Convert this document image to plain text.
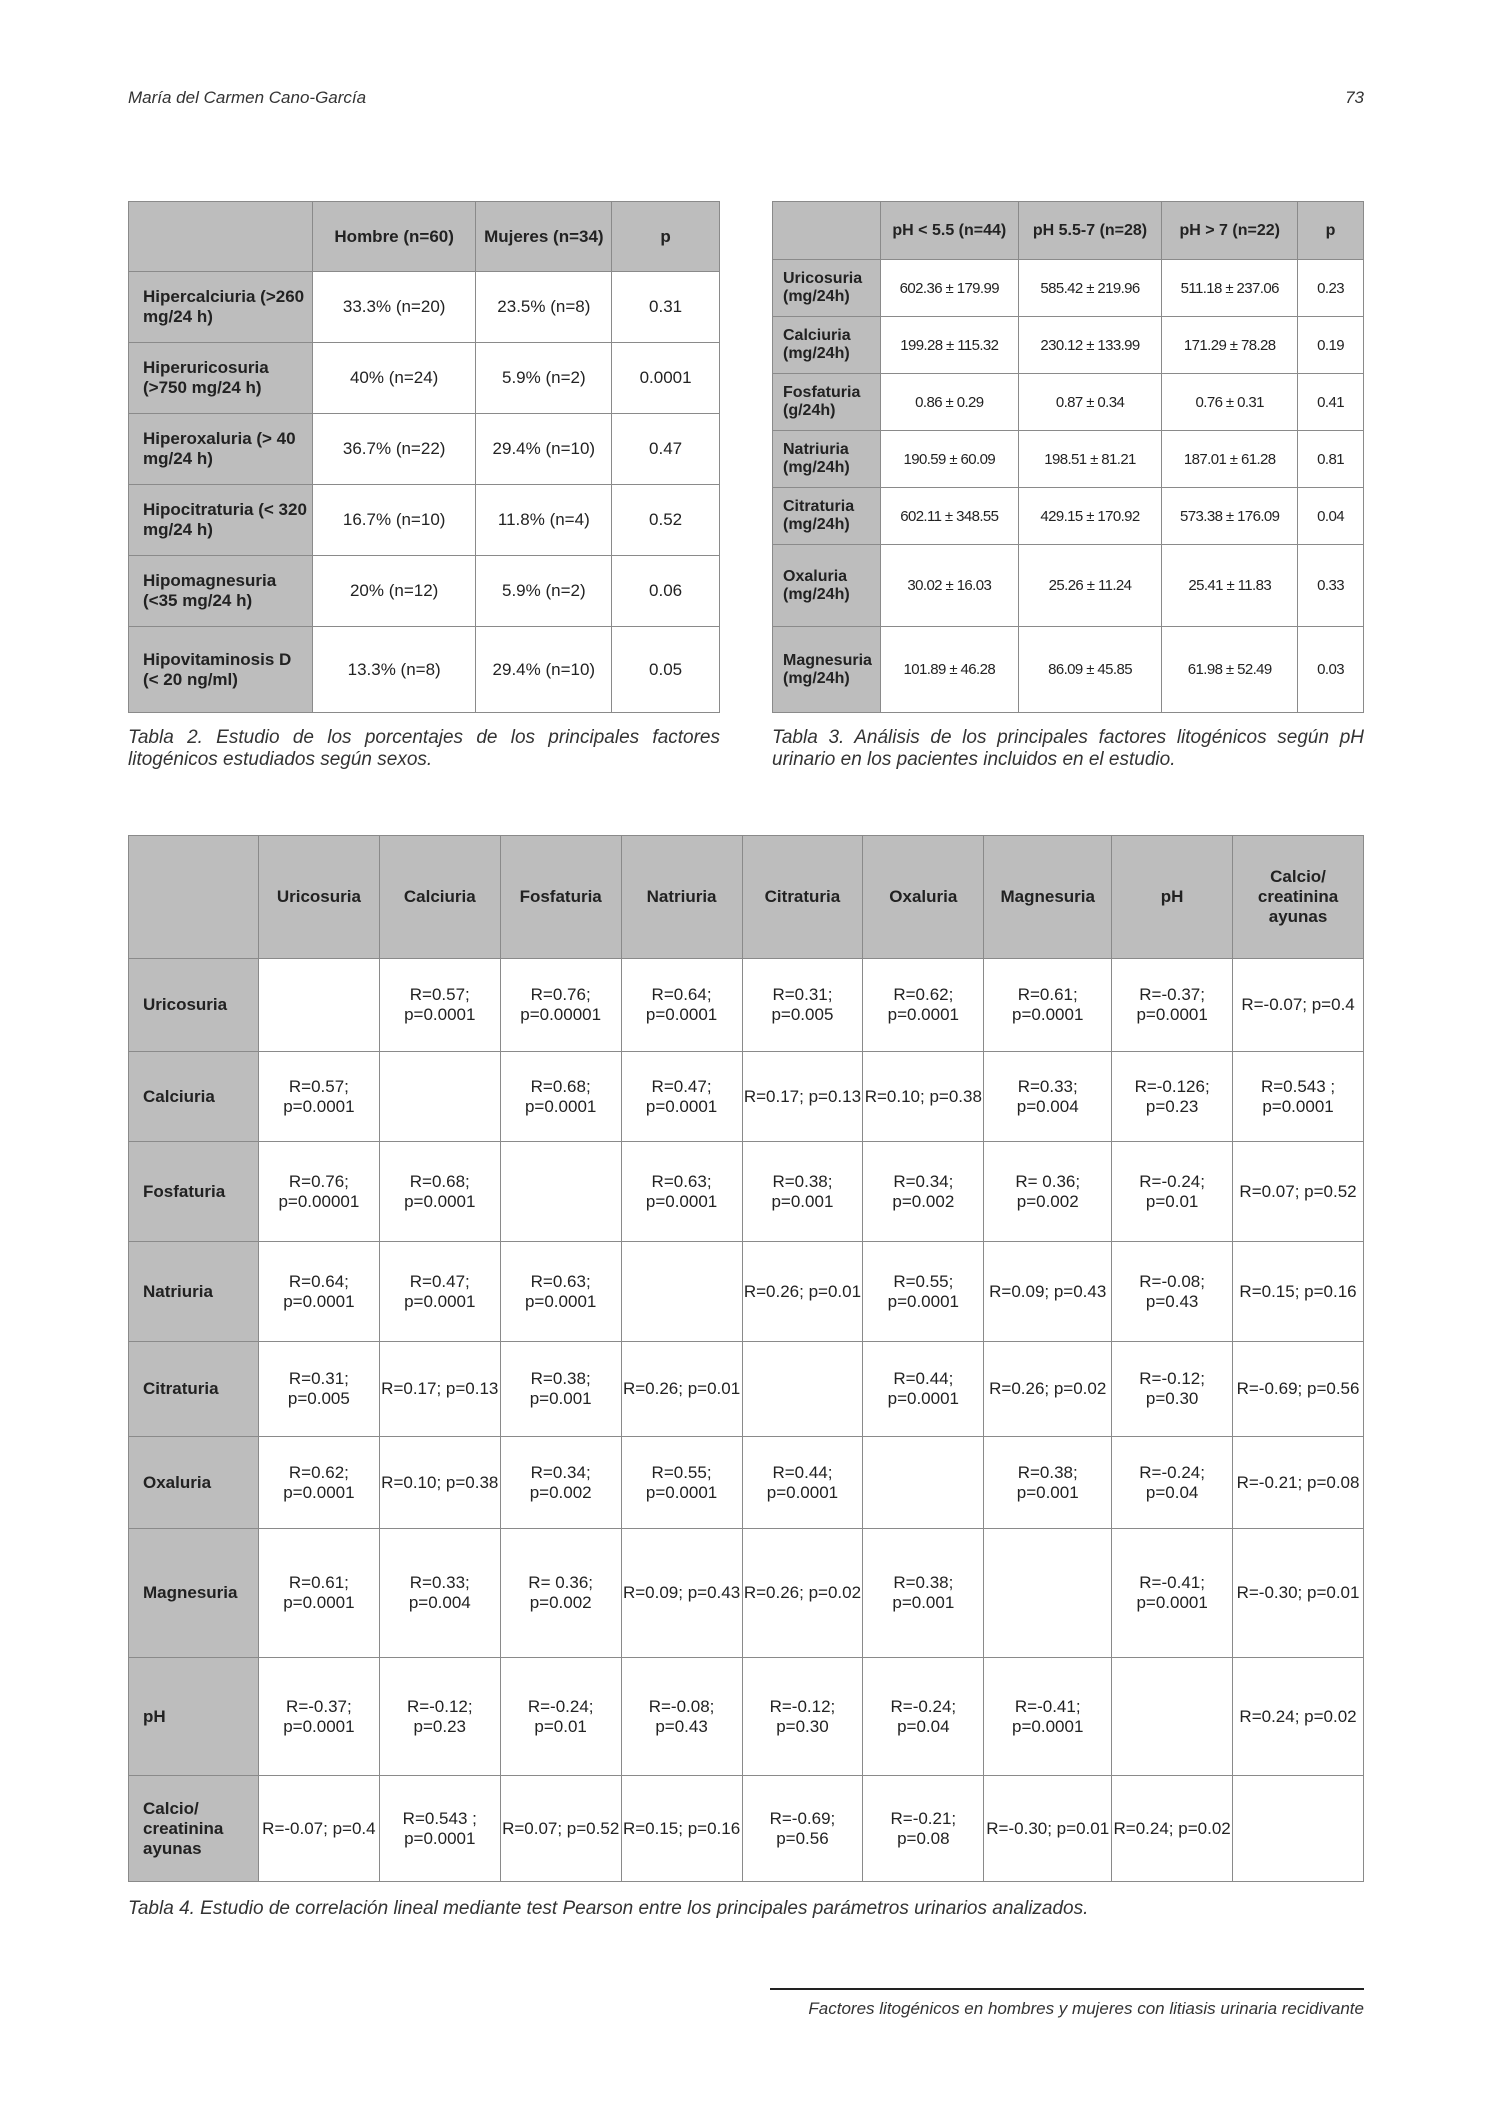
María del Carmen Cano-García	73
	Hombre (n=60)	Mujeres (n=34)	p
Hipercalciuria (>260 mg/24 h)	33.3% (n=20)	23.5% (n=8)	0.31
Hiperuricosuria (>750 mg/24 h)	40% (n=24)	5.9% (n=2)	0.0001
Hiperoxaluria (> 40 mg/24 h)	36.7% (n=22)	29.4% (n=10)	0.47
Hipocitraturia (< 320 mg/24 h)	16.7% (n=10)	11.8% (n=4)	0.52
Hipomagnesuria (<35 mg/24 h)	20% (n=12)	5.9% (n=2)	0.06
Hipovitaminosis D (< 20 ng/ml)	13.3% (n=8)	29.4% (n=10)	0.05
Tabla 2. Estudio de los porcentajes de los principales factores litogénicos estudiados según sexos.
	pH < 5.5 (n=44)	pH 5.5-7 (n=28)	pH > 7 (n=22)	p
Uricosuria (mg/24h)	602.36 ± 179.99	585.42 ± 219.96	511.18 ± 237.06	0.23
Calciuria (mg/24h)	199.28 ± 115.32	230.12 ± 133.99	171.29 ± 78.28	0.19
Fosfaturia (g/24h)	0.86 ± 0.29	0.87 ± 0.34	0.76 ± 0.31	0.41
Natriuria (mg/24h)	190.59 ± 60.09	198.51 ± 81.21	187.01 ± 61.28	0.81
Citraturia (mg/24h)	602.11 ± 348.55	429.15 ± 170.92	573.38 ± 176.09	0.04
Oxaluria (mg/24h)	30.02 ± 16.03	25.26 ± 11.24	25.41 ± 11.83	0.33
Magnesuria (mg/24h)	101.89 ± 46.28	86.09 ± 45.85	61.98 ± 52.49	0.03
Tabla 3. Análisis de los principales factores litogénicos según pH urinario en los pacientes incluidos en el estudio.
	Uricosuria	Calciuria	Fosfaturia	Natriuria	Citraturia	Oxaluria	Magnesuria	pH	Calcio/ creatinina ayunas
Uricosuria		R=0.57; p=0.0001	R=0.76; p=0.00001	R=0.64; p=0.0001	R=0.31; p=0.005	R=0.62; p=0.0001	R=0.61; p=0.0001	R=-0.37; p=0.0001	R=-0.07; p=0.4
Calciuria	R=0.57; p=0.0001		R=0.68; p=0.0001	R=0.47; p=0.0001	R=0.17; p=0.13	R=0.10; p=0.38	R=0.33; p=0.004	R=-0.126; p=0.23	R=0.543 ; p=0.0001
Fosfaturia	R=0.76; p=0.00001	R=0.68; p=0.0001		R=0.63; p=0.0001	R=0.38; p=0.001	R=0.34; p=0.002	R= 0.36; p=0.002	R=-0.24; p=0.01	R=0.07; p=0.52
Natriuria	R=0.64; p=0.0001	R=0.47; p=0.0001	R=0.63; p=0.0001		R=0.26; p=0.01	R=0.55; p=0.0001	R=0.09; p=0.43	R=-0.08; p=0.43	R=0.15; p=0.16
Citraturia	R=0.31; p=0.005	R=0.17; p=0.13	R=0.38; p=0.001	R=0.26; p=0.01		R=0.44; p=0.0001	R=0.26; p=0.02	R=-0.12; p=0.30	R=-0.69; p=0.56
Oxaluria	R=0.62; p=0.0001	R=0.10; p=0.38	R=0.34; p=0.002	R=0.55; p=0.0001	R=0.44; p=0.0001		R=0.38; p=0.001	R=-0.24; p=0.04	R=-0.21; p=0.08
Magnesuria	R=0.61; p=0.0001	R=0.33; p=0.004	R= 0.36; p=0.002	R=0.09; p=0.43	R=0.26; p=0.02	R=0.38; p=0.001		R=-0.41; p=0.0001	R=-0.30; p=0.01
pH	R=-0.37; p=0.0001	R=-0.12; p=0.23	R=-0.24; p=0.01	R=-0.08; p=0.43	R=-0.12; p=0.30	R=-0.24; p=0.04	R=-0.41; p=0.0001		R=0.24; p=0.02
Calcio/ creatinina ayunas	R=-0.07; p=0.4	R=0.543 ; p=0.0001	R=0.07; p=0.52	R=0.15; p=0.16	R=-0.69; p=0.56	R=-0.21; p=0.08	R=-0.30; p=0.01	R=0.24; p=0.02	
Tabla 4. Estudio de correlación lineal mediante test Pearson entre los principales parámetros urinarios analizados.
Factores litogénicos en hombres y mujeres con litiasis urinaria recidivante
